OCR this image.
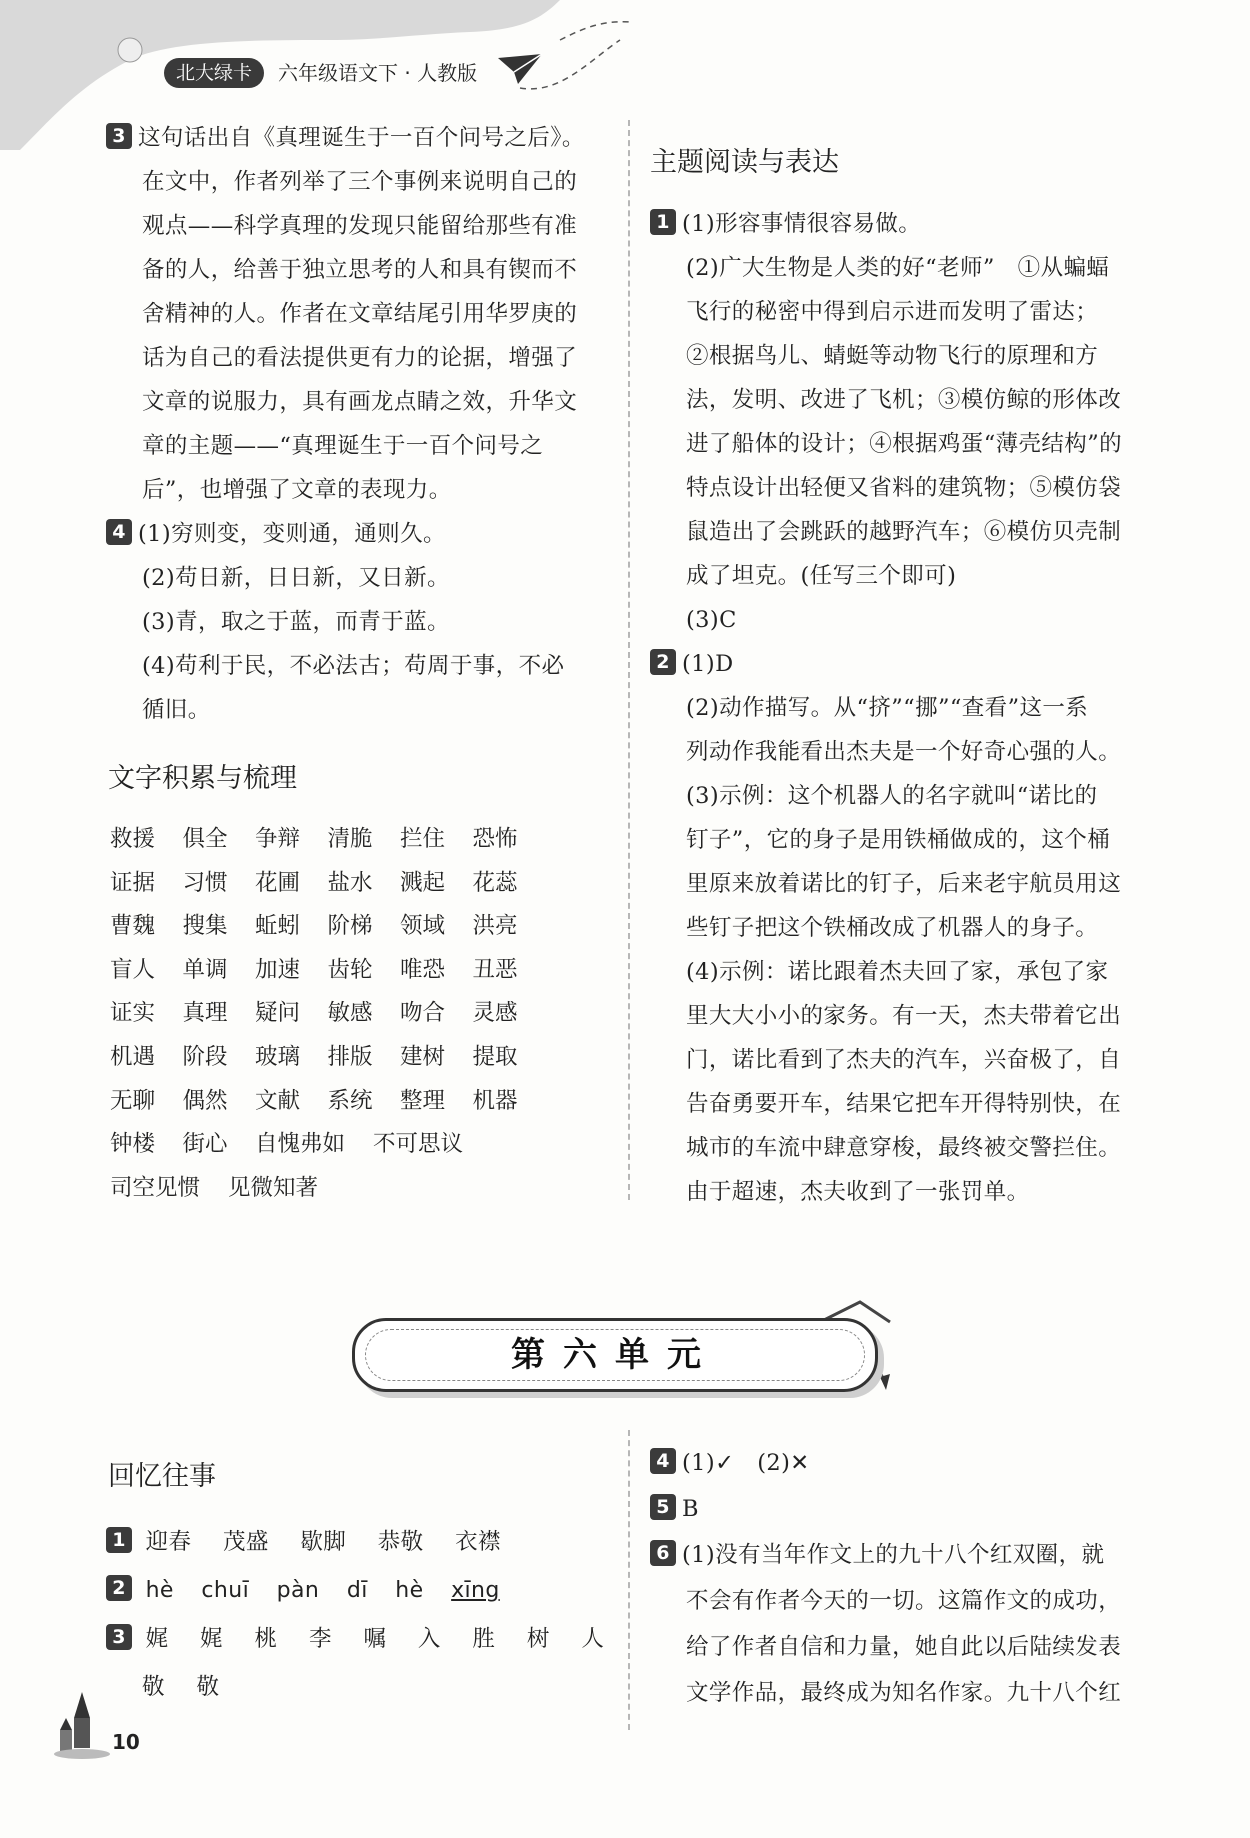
北大绿卡	六年级语文下 · 人教版

3 这句话出自《真理诞生于一百个问号之后》。

在文中，作者列举了三个事例来说明自己的

观点——科学真理的发现只能留给那些有准

备的人，给善于独立思考的人和具有锲而不

舍精神的人。作者在文章结尾引用华罗庚的

话为自己的看法提供更有力的论据，增强了

文章的说服力，具有画龙点睛之效，升华文

章的主题——“真理诞生于一百个问号之

后”，也增强了文章的表现力。

4 (1)穷则变，变则通，通则久。

(2)苟日新，日日新，又日新。

(3)青，取之于蓝，而青于蓝。

(4)苟利于民，不必法古；苟周于事，不必

循旧。

文字积累与梳理
救援 俱全 争辩 清脆 拦住 恐怖
证据 习惯 花圃 盐水 溅起 花蕊
曹魏 搜集 蚯蚓 阶梯 领域 洪亮
盲人 单调 加速 齿轮 唯恐 丑恶
证实 真理 疑问 敏感 吻合 灵感
机遇 阶段 玻璃 排版 建树 提取
无聊 偶然 文献 系统 整理 机器
钟楼 街心 自愧弗如 不可思议
司空见惯 见微知著
主题阅读与表达

1 (1)形容事情很容易做。

(2)广大生物是人类的好“老师”　①从蝙蝠

飞行的秘密中得到启示进而发明了雷达；

②根据鸟儿、蜻蜓等动物飞行的原理和方

法，发明、改进了飞机；③模仿鲸的形体改

进了船体的设计；④根据鸡蛋“薄壳结构”的

特点设计出轻便又省料的建筑物；⑤模仿袋

鼠造出了会跳跃的越野汽车；⑥模仿贝壳制

成了坦克。(任写三个即可)

(3)C

2 (1)D

(2)动作描写。从“挤”“挪”“查看”这一系

列动作我能看出杰夫是一个好奇心强的人。

(3)示例：这个机器人的名字就叫“诺比的

钉子”，它的身子是用铁桶做成的，这个桶

里原来放着诺比的钉子，后来老宇航员用这

些钉子把这个铁桶改成了机器人的身子。

(4)示例：诺比跟着杰夫回了家，承包了家

里大大小小的家务。有一天，杰夫带着它出

门，诺比看到了杰夫的汽车，兴奋极了，自

告奋勇要开车，结果它把车开得特别快，在

城市的车流中肆意穿梭，最终被交警拦住。

由于超速，杰夫收到了一张罚单。

第六单元
回忆往事

1 迎春 茂盛 歇脚 恭敬 衣襟

2 hè chuī pàn dī hè xīng

3 娓 娓 桃 李 嘱 入 胜 树 人

敬 敬

4 (1)✓　(2)✕

5 B

6 (1)没有当年作文上的九十八个红双圈，就

不会有作者今天的一切。这篇作文的成功，

给了作者自信和力量，她自此以后陆续发表

文学作品，最终成为知名作家。九十八个红

10
